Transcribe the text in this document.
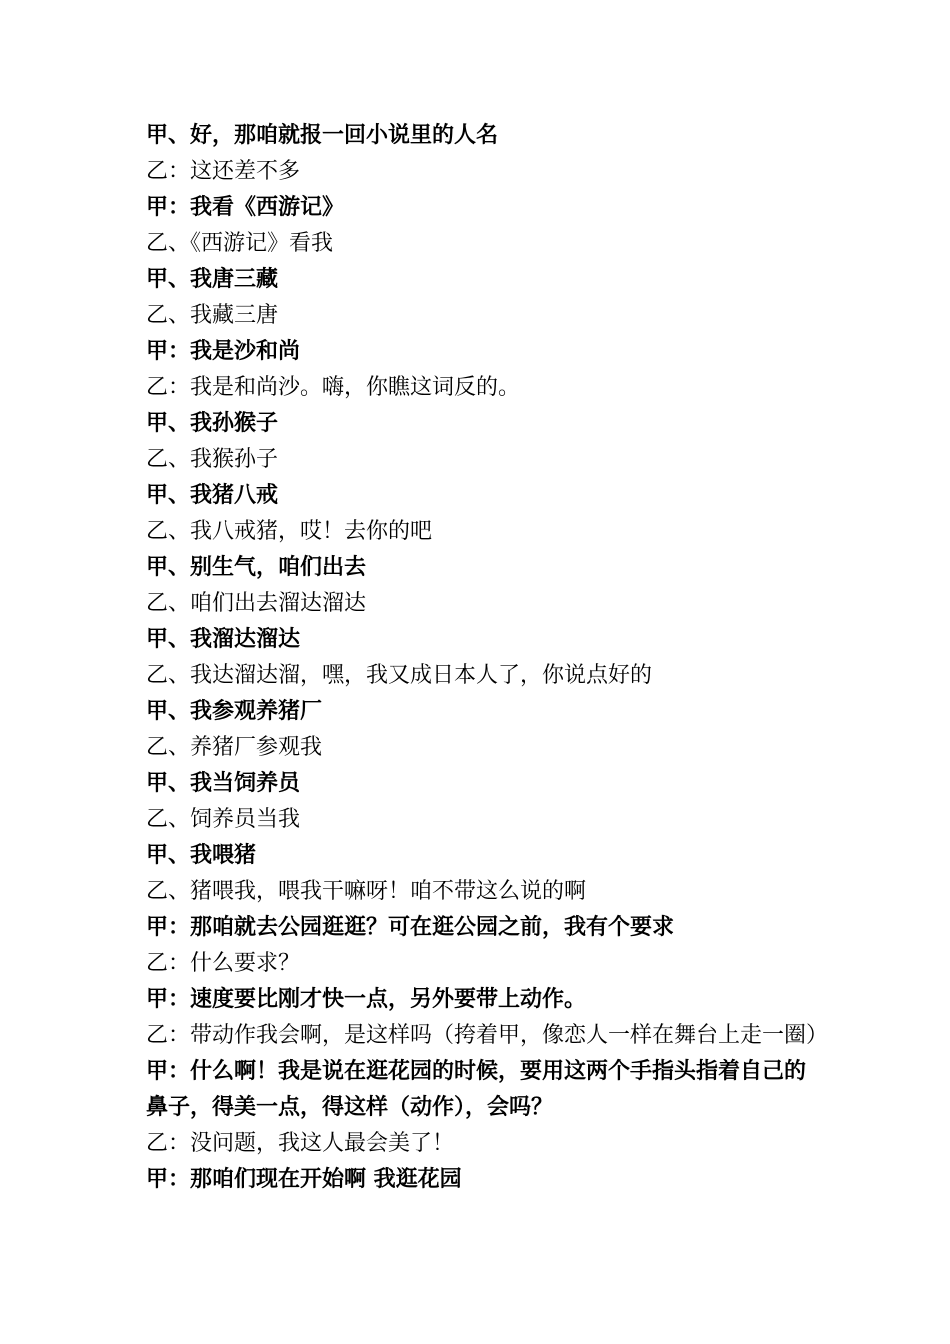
甲、好，那咱就报一回小说里的人名
乙：这还差不多
甲：我看《西游记》
乙、《西游记》看我
甲、我唐三藏
乙、我藏三唐
甲：我是沙和尚
乙：我是和尚沙。嗨，你瞧这词反的。
甲、我孙猴子
乙、我猴孙子
甲、我猪八戒
乙、我八戒猪，哎！去你的吧
甲、别生气，咱们出去
乙、咱们出去溜达溜达
甲、我溜达溜达
乙、我达溜达溜，嘿，我又成日本人了，你说点好的
甲、我参观养猪厂
乙、养猪厂参观我
甲、我当饲养员
乙、饲养员当我
甲、我喂猪
乙、猪喂我，喂我干嘛呀！咱不带这么说的啊
甲：那咱就去公园逛逛？可在逛公园之前，我有个要求
乙：什么要求？
甲：速度要比刚才快一点，另外要带上动作。
乙：带动作我会啊，是这样吗（挎着甲，像恋人一样在舞台上走一圈）
甲：什么啊！我是说在逛花园的时候，要用这两个手指头指着自己的
鼻子，得美一点，得这样（动作），会吗？
乙：没问题，我这人最会美了！
甲：那咱们现在开始啊 我逛花园
